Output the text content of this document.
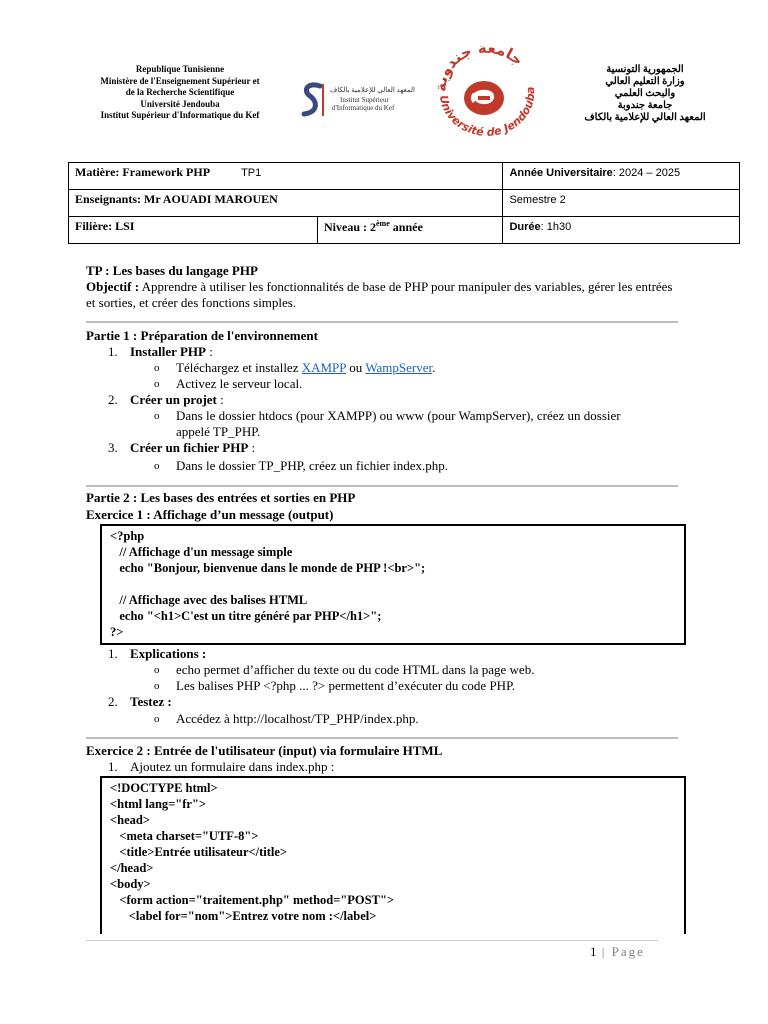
Republique Tunisienne
Ministère de l'Enseignement Supérieur et
de la Recherche Scientifique
Université Jendouba
Institut Supérieur d'Informatique du Kef
المعهد العالي للإعلامية بالكاف
Institut Supérieur
d'Informatique du Kef
جامعة جندوبة
Université de Jendouba
الجمهورية التونسية
وزارة التعليم العالي
والبحث العلمي
جامعة جندوبة
المعهد العالي للإعلامية بالكاف
Matière: Framework PHP TP1		Année Universitaire: 2024 – 2025
Enseignants: Mr AOUADI MAROUEN		Semestre 2
Filière: LSI	Niveau : 2ème année	Durée: 1h30
TP : Les bases du langage PHP
Objectif : Apprendre à utiliser les fonctionnalités de base de PHP pour manipuler des variables, gérer les entrées et sorties, et créer des fonctions simples.
Partie 1 : Préparation de l'environnement
1. Installer PHP :
o Téléchargez et installez XAMPP ou WampServer.
o Activez le serveur local.
2. Créer un projet :
o Dans le dossier htdocs (pour XAMPP) ou www (pour WampServer), créez un dossier
appelé TP_PHP.
3. Créer un fichier PHP :
o Dans le dossier TP_PHP, créez un fichier index.php.
Partie 2 : Les bases des entrées et sorties en PHP
Exercice 1 : Affichage d’un message (output)
<?php
// Affichage d'un message simple
echo "Bonjour, bienvenue dans le monde de PHP !<br>";

// Affichage avec des balises HTML
echo "<h1>C'est un titre généré par PHP</h1>";
?>
1. Explications :
o echo permet d’afficher du texte ou du code HTML dans la page web.
o Les balises PHP <?php ... ?> permettent d’exécuter du code PHP.
2. Testez :
o Accédez à http://localhost/TP_PHP/index.php.
Exercice 2 : Entrée de l'utilisateur (input) via formulaire HTML
1. Ajoutez un formulaire dans index.php :
<!DOCTYPE html>
<html lang="fr">
<head>
<meta charset="UTF-8">
<title>Entrée utilisateur</title>
</head>
<body>
<form action="traitement.php" method="POST">
<label for="nom">Entrez votre nom :</label>
1 | Page
